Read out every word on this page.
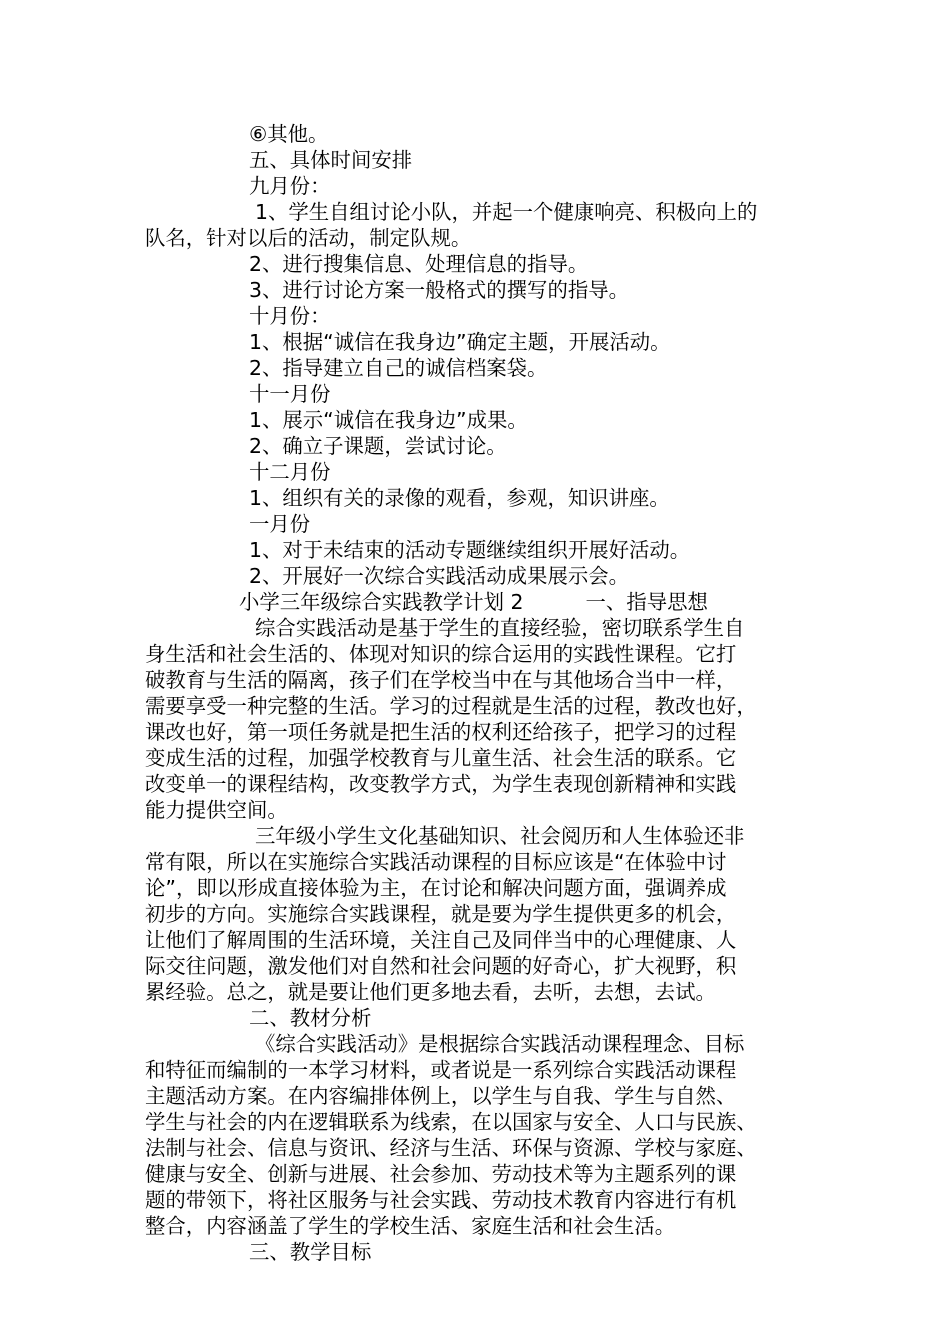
⑥其他。
五、具体时间安排
九月份：
1、学生自组讨论小队，并起一个健康响亮、积极向上的
队名，针对以后的活动，制定队规。
2、进行搜集信息、处理信息的指导。
3、进行讨论方案一般格式的撰写的指导。
十月份：
1、根据“诚信在我身边”确定主题，开展活动。
2、指导建立自己的诚信档案袋。
十一月份
1、展示“诚信在我身边”成果。
2、确立子课题，尝试讨论。
十二月份
1、组织有关的录像的观看，参观，知识讲座。
一月份
1、对于未结束的活动专题继续组织开展好活动。
2、开展好一次综合实践活动成果展示会。
小学三年级综合实践教学计划 2	一、指导思想
综合实践活动是基于学生的直接经验，密切联系学生自
身生活和社会生活的、体现对知识的综合运用的实践性课程。它打
破教育与生活的隔离，孩子们在学校当中在与其他场合当中一样，
需要享受一种完整的生活。学习的过程就是生活的过程，教改也好，
课改也好，第一项任务就是把生活的权利还给孩子，把学习的过程
变成生活的过程，加强学校教育与儿童生活、社会生活的联系。它
改变单一的课程结构，改变教学方式，为学生表现创新精神和实践
能力提供空间。
三年级小学生文化基础知识、社会阅历和人生体验还非
常有限，所以在实施综合实践活动课程的目标应该是“在体验中讨
论”，即以形成直接体验为主，在讨论和解决问题方面，强调养成
初步的方向。实施综合实践课程，就是要为学生提供更多的机会，
让他们了解周围的生活环境，关注自己及同伴当中的心理健康、人
际交往问题，激发他们对自然和社会问题的好奇心，扩大视野，积
累经验。总之，就是要让他们更多地去看，去听，去想，去试。
二、教材分析
《综合实践活动》是根据综合实践活动课程理念、目标
和特征而编制的一本学习材料，或者说是一系列综合实践活动课程
主题活动方案。在内容编排体例上，以学生与自我、学生与自然、
学生与社会的内在逻辑联系为线索，在以国家与安全、人口与民族、
法制与社会、信息与资讯、经济与生活、环保与资源、学校与家庭、
健康与安全、创新与进展、社会参加、劳动技术等为主题系列的课
题的带领下，将社区服务与社会实践、劳动技术教育内容进行有机
整合，内容涵盖了学生的学校生活、家庭生活和社会生活。
三、教学目标
